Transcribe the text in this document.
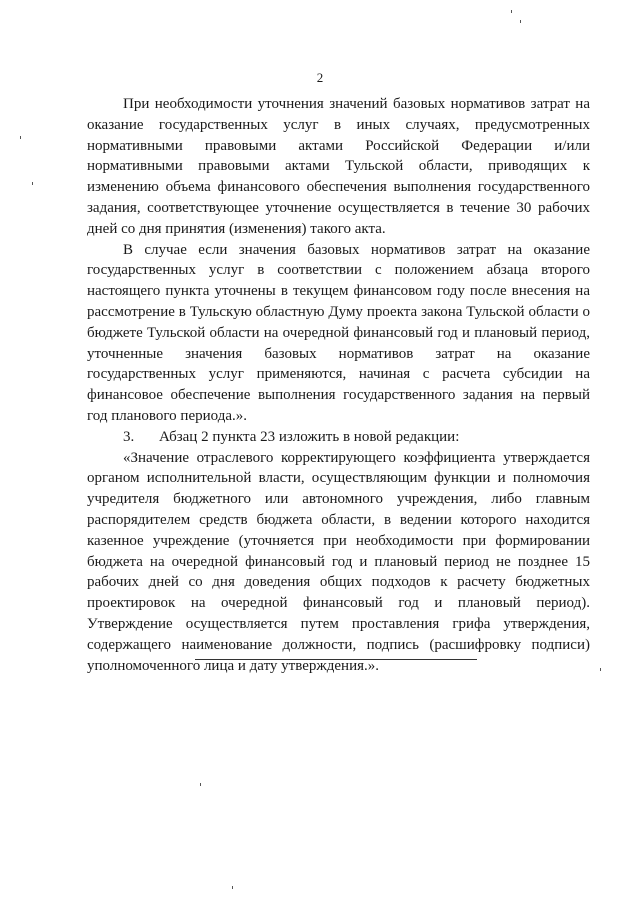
2

При необходимости уточнения значений базовых нормативов затрат на оказание государственных услуг в иных случаях, предусмотренных нормативными правовыми актами Российской Федерации и/или нормативными правовыми актами Тульской области, приводящих к изменению объема финансового обеспечения выполнения государственного задания, соответствующее уточнение осуществляется в течение 30 рабочих дней со дня принятия (изменения) такого акта.

В случае если значения базовых нормативов затрат на оказание государственных услуг в соответствии с положением абзаца второго настоящего пункта уточнены в текущем финансовом году после внесения на рассмотрение в Тульскую областную Думу проекта закона Тульской области о бюджете Тульской области на очередной финансовый год и плановый период, уточненные значения базовых нормативов затрат на оказание государственных услуг применяются, начиная с расчета субсидии на финансовое обеспечение выполнения государственного задания на первый год планового периода.».

3.	Абзац 2 пункта 23 изложить в новой редакции:

«Значение отраслевого корректирующего коэффициента утверждается органом исполнительной власти, осуществляющим функции и полномочия учредителя бюджетного или автономного учреждения, либо главным распорядителем средств бюджета области, в ведении которого находится казенное учреждение (уточняется при необходимости при формировании бюджета на очередной финансовый год и плановый период не позднее 15 рабочих дней со дня доведения общих подходов к расчету бюджетных проектировок на очередной финансовый год и плановый период). Утверждение осуществляется путем проставления грифа утверждения, содержащего наименование должности, подпись (расшифровку подписи) уполномоченного лица и дату утверждения.».
